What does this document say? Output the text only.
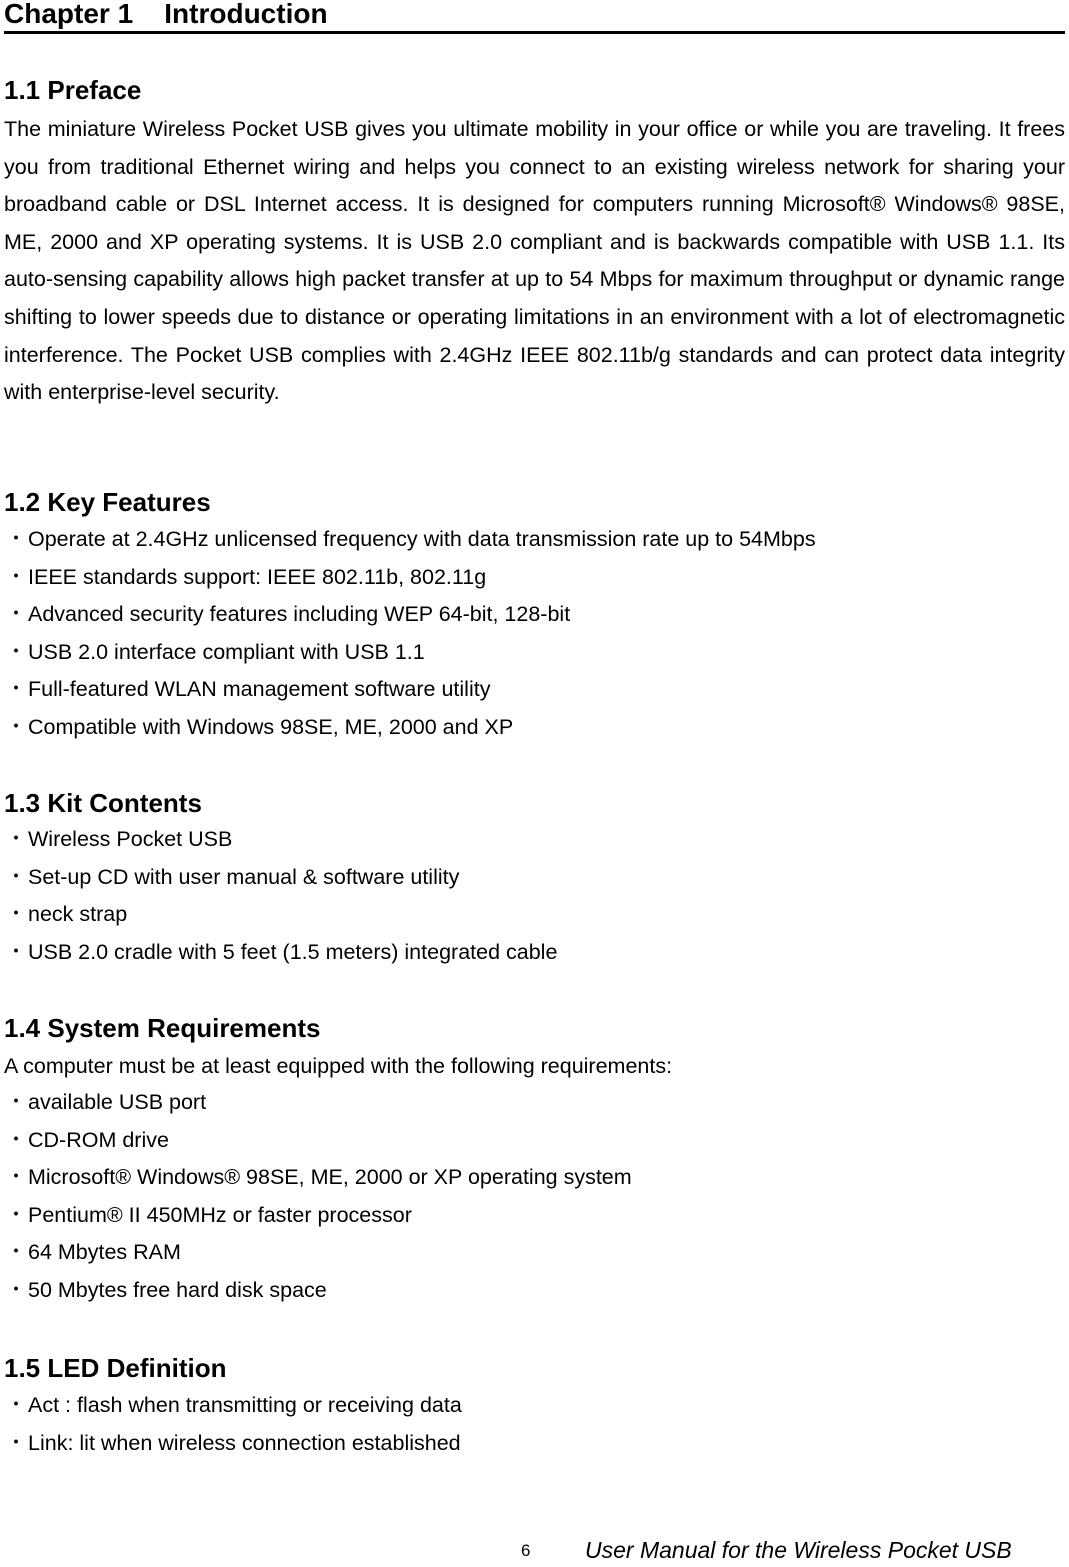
Chapter 1    Introduction
1.1 Preface

The miniature Wireless Pocket USB gives you ultimate mobility in your office or while you are traveling. It frees you from traditional Ethernet wiring and helps you connect to an existing wireless network for sharing your broadband cable or DSL Internet access. It is designed for computers running Microsoft® Windows® 98SE, ME, 2000 and XP operating systems. It is USB 2.0 compliant and is backwards compatible with USB 1.1. Its auto-sensing capability allows high packet transfer at up to 54 Mbps for maximum throughput or dynamic range shifting to lower speeds due to distance or operating limitations in an environment with a lot of electromagnetic interference. The Pocket USB complies with 2.4GHz IEEE 802.11b/g standards and can protect data integrity with enterprise-level security.

1.2 Key Features
・Operate at 2.4GHz unlicensed frequency with data transmission rate up to 54Mbps
・IEEE standards support: IEEE 802.11b, 802.11g
・Advanced security features including WEP 64-bit, 128-bit
・USB 2.0 interface compliant with USB 1.1
・Full-featured WLAN management software utility
・Compatible with Windows 98SE, ME, 2000 and XP
1.3 Kit Contents
・Wireless Pocket USB
・Set-up CD with user manual & software utility
・neck strap
・USB 2.0 cradle with 5 feet (1.5 meters) integrated cable
1.4 System Requirements

A computer must be at least equipped with the following requirements:

・available USB port
・CD-ROM drive
・Microsoft® Windows® 98SE, ME, 2000 or XP operating system
・Pentium® II 450MHz or faster processor
・64 Mbytes RAM
・50 Mbytes free hard disk space
1.5 LED Definition
・Act : flash when transmitting or receiving data
・Link: lit when wireless connection established
6 User Manual for the Wireless Pocket USB
